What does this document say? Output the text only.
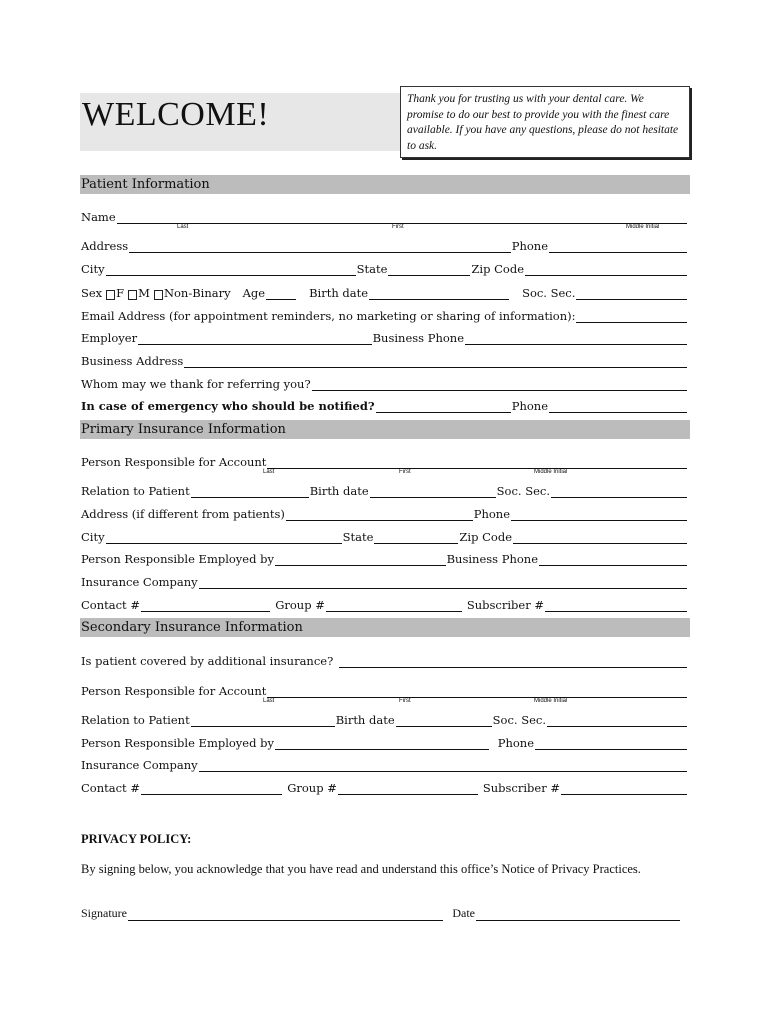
WELCOME!	Thank you for trusting us with your dental care. We promise to do our best to provide you with the finest care available. If you have any questions, please do not hesitate to ask.
Patient Information
Name
Last	First	Middle Initial
Address	Phone
City	State	Zip Code
Sex F M Non-Binary Age	Birth date	Soc. Sec.
Email Address (for appointment reminders, no marketing or sharing of information):
Employer	Business Phone
Business Address
Whom may we thank for referring you?
In case of emergency who should be notified?	Phone
Primary Insurance Information
Person Responsible for Account
Last	First	Middle Initial
Relation to Patient	Birth date	Soc. Sec.
Address (if different from patients)	Phone
City	State	Zip Code
Person Responsible Employed by	Business Phone
Insurance Company
Contact #	Group #	Subscriber #
Secondary Insurance Information
Is patient covered by additional insurance?
Person Responsible for Account
Last	First	Middle Initial
Relation to Patient	Birth date	Soc. Sec.
Person Responsible Employed by	Phone
Insurance Company
Contact #	Group #	Subscriber #
PRIVACY POLICY:
By signing below, you acknowledge that you have read and understand this office’s Notice of Privacy Practices.
Signature	Date
